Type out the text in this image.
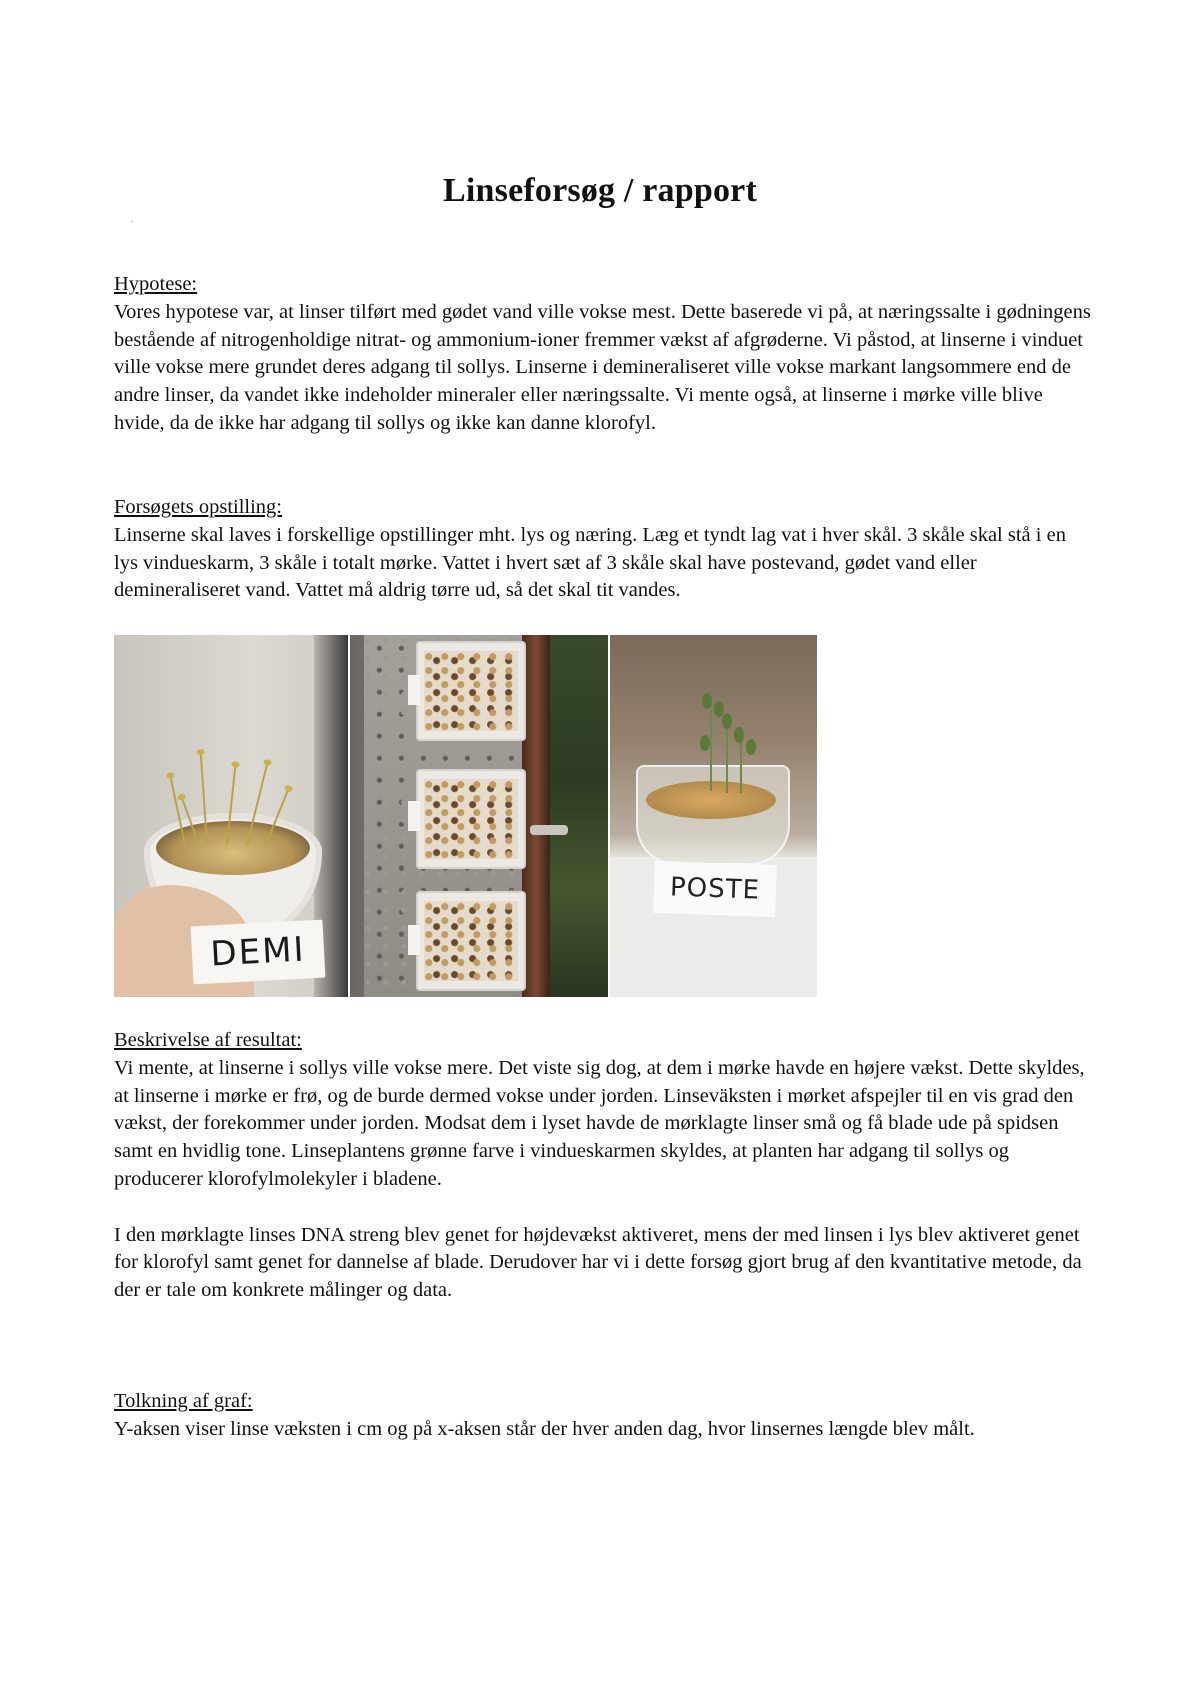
Linseforsøg / rapport
.
Hypotese:

Vores hypotese var, at linser tilført med gødet vand ville vokse mest. Dette baserede vi på, at næringssalte i gødningens bestående af nitrogenholdige nitrat- og ammonium-ioner fremmer vækst af afgrøderne. Vi påstod, at linserne i vinduet ville vokse mere grundet deres adgang til sollys. Linserne i demineraliseret ville vokse markant langsommere end de andre linser, da vandet ikke indeholder mineraler eller næringssalte. Vi mente også, at linserne i mørke ville blive hvide, da de ikke har adgang til sollys og ikke kan danne klorofyl.

Forsøgets opstilling:

Linserne skal laves i forskellige opstillinger mht. lys og næring. Læg et tyndt lag vat i hver skål. 3 skåle skal stå i en lys vindueskarm, 3 skåle i totalt mørke. Vattet i hvert sæt af 3 skåle skal have postevand, gødet vand eller demineraliseret vand. Vattet må aldrig tørre ud, så det skal tit vandes.

DEMI
POSTE
Beskrivelse af resultat:

Vi mente, at linserne i sollys ville vokse mere. Det viste sig dog, at dem i mørke havde en højere vækst. Dette skyldes, at linserne i mørke er frø, og de burde dermed vokse under jorden. Linseväksten i mørket afspejler til en vis grad den vækst, der forekommer under jorden. Modsat dem i lyset havde de mørklagte linser små og få blade ude på spidsen samt en hvidlig tone. Linseplantens grønne farve i vindueskarmen skyldes, at planten har adgang til sollys og producerer klorofylmolekyler i bladene.

I den mørklagte linses DNA streng blev genet for højdevækst aktiveret, mens der med linsen i lys blev aktiveret genet for klorofyl samt genet for dannelse af blade. Derudover har vi i dette forsøg gjort brug af den kvantitative metode, da der er tale om konkrete målinger og data.

Tolkning af graf:

Y-aksen viser linse væksten i cm og på x-aksen står der hver anden dag, hvor linsernes længde blev målt.
